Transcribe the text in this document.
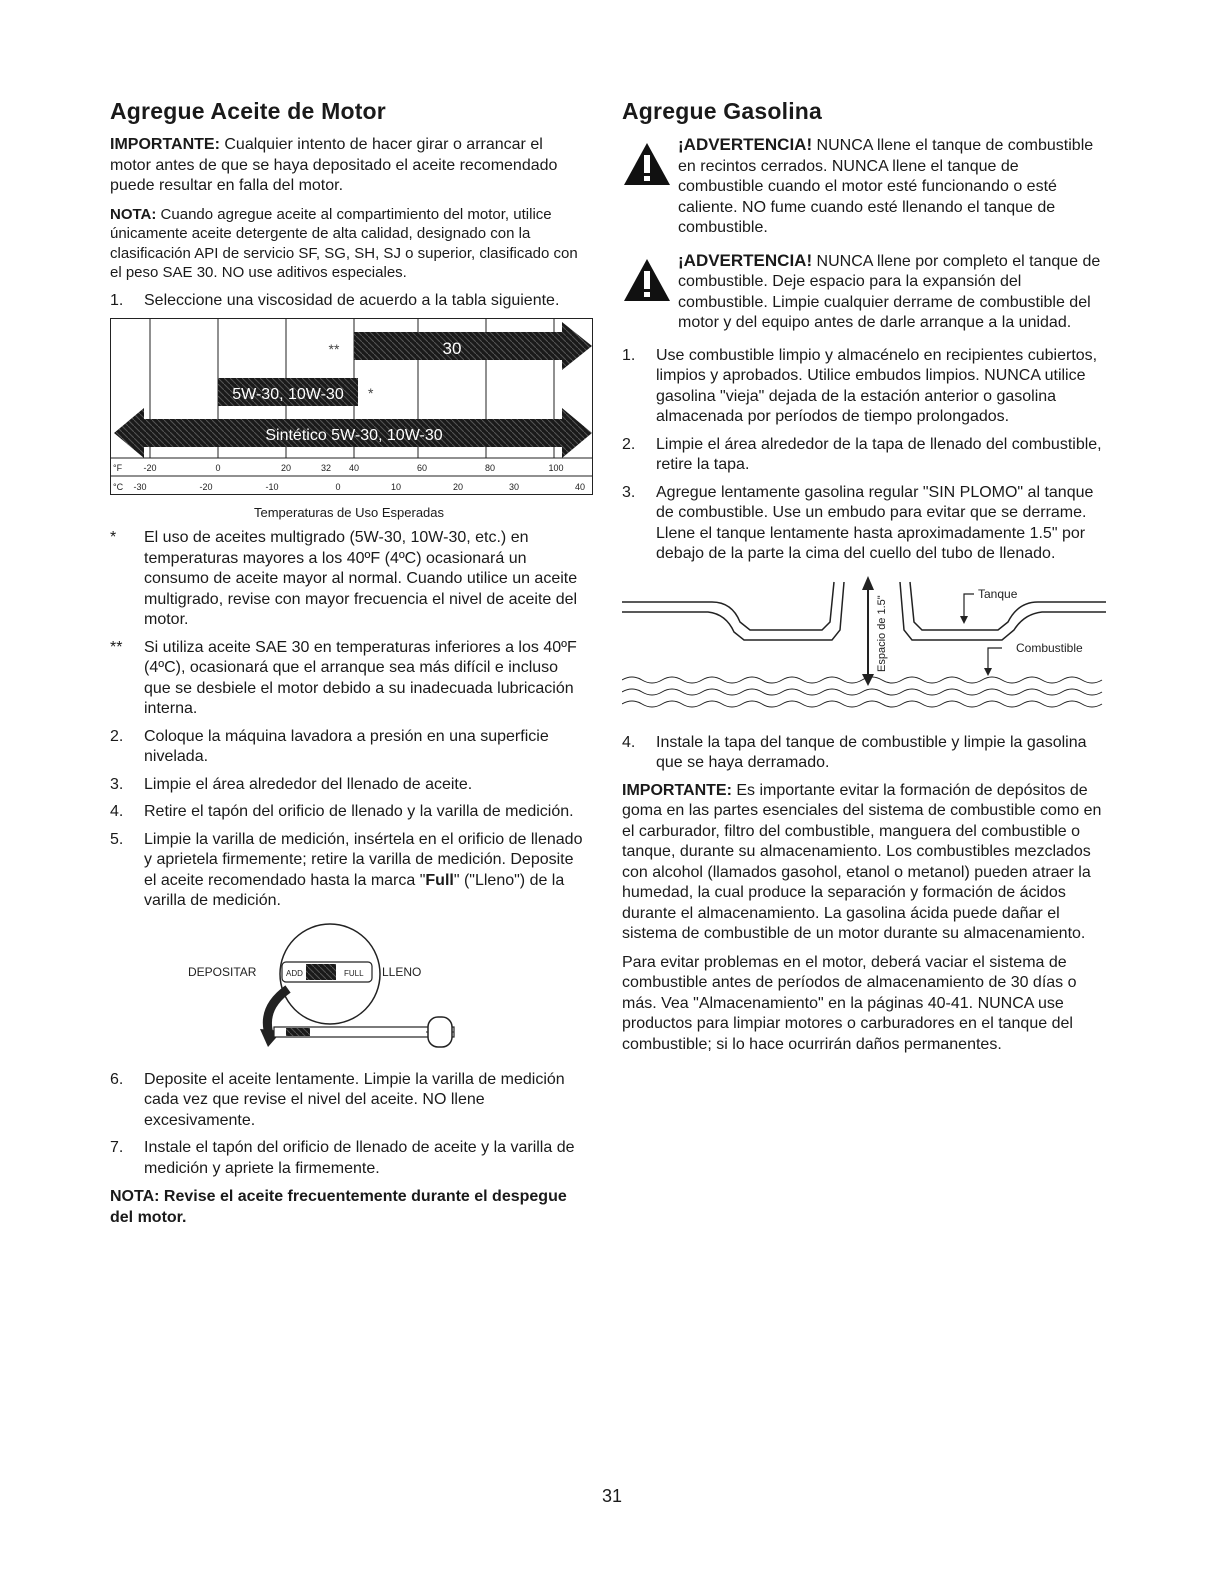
Agregue Aceite de Motor

IMPORTANTE: Cualquier intento de hacer girar o arrancar el motor antes de que se haya depositado el aceite recomendado puede resultar en falla del motor.

NOTA: Cuando agregue aceite al compartimiento del motor, utilice únicamente aceite detergente de alta calidad, designado con la clasificación API de servicio SF, SG, SH, SJ o superior, clasificado con el peso SAE 30. NO use aditivos especiales.

1. Seleccione una viscosidad de acuerdo a la tabla siguiente.
30
**
5W-30, 10W-30 *
Sintético 5W-30, 10W-30
°F
°C
-20	0	20	32 40	60	80	100
-30	-20	-10	0	10	20	30	40
Temperaturas de Uso Esperadas
* El uso de aceites multigrado (5W-30, 10W-30, etc.) en temperaturas mayores a los 40ºF (4ºC) ocasionará un consumo de aceite mayor al normal. Cuando utilice un aceite multigrado, revise con mayor frecuencia el nivel de aceite del motor.
** Si utiliza aceite SAE 30 en temperaturas inferiores a los 40ºF (4ºC), ocasionará que el arranque sea más difícil e incluso que se desbiele el motor debido a su inadecuada lubricación interna.
2. Coloque la máquina lavadora a presión en una superficie nivelada.
3. Limpie el área alrededor del llenado de aceite.
4. Retire el tapón del orificio de llenado y la varilla de medición.
5. Limpie la varilla de medición, insértela en el orificio de llenado y aprietela firmemente; retire la varilla de medición. Deposite el aceite recomendado hasta la marca "Full" ("Lleno") de la varilla de medición.
ADD	FULL
DEPOSITAR	LLENO
6. Deposite el aceite lentamente. Limpie la varilla de medición cada vez que revise el nivel del aceite. NO llene excesivamente.
7. Instale el tapón del orificio de llenado de aceite y la varilla de medición y apriete la firmemente.
NOTA: Revise el aceite frecuentemente durante el despegue del motor.
Agregue Gasolina

¡ADVERTENCIA! NUNCA llene el tanque de combustible en recintos cerrados. NUNCA llene el tanque de combustible cuando el motor esté funcionando o esté caliente. NO fume cuando esté llenando el tanque de combustible.

¡ADVERTENCIA! NUNCA llene por completo el tanque de combustible. Deje espacio para la expansión del combustible. Limpie cualquier derrame de combustible del motor y del equipo antes de darle arranque a la unidad.

1. Use combustible limpio y almacénelo en recipientes cubiertos, limpios y aprobados. Utilice embudos limpios. NUNCA utilice gasolina "vieja" dejada de la estación anterior o gasolina almacenada por períodos de tiempo prolongados.
2. Limpie el área alrededor de la tapa de llenado del combustible, retire la tapa.
3. Agregue lentamente gasolina regular "SIN PLOMO" al tanque de combustible. Use un embudo para evitar que se derrame. Llene el tanque lentamente hasta aproximadamente 1.5" por debajo de la parte la cima del cuello del tubo de llenado.
Espacio de 1.5"
Tanque
Combustible
4. Instale la tapa del tanque de combustible y limpie la gasolina que se haya derramado.

IMPORTANTE: Es importante evitar la formación de depósitos de goma en las partes esenciales del sistema de combustible como en el carburador, filtro del combustible, manguera del combustible o tanque, durante su almacenamiento. Los combustibles mezclados con alcohol (llamados gasohol, etanol o metanol) pueden atraer la humedad, la cual produce la separación y formación de ácidos durante el almacenamiento. La gasolina ácida puede dañar el sistema de combustible de un motor durante su almacenamiento.

Para evitar problemas en el motor, deberá vaciar el sistema de combustible antes de períodos de almacenamiento de 30 días o más. Vea "Almacenamiento" en la páginas 40-41. NUNCA use productos para limpiar motores o carburadores en el tanque del combustible; si lo hace ocurrirán daños permanentes.

31
